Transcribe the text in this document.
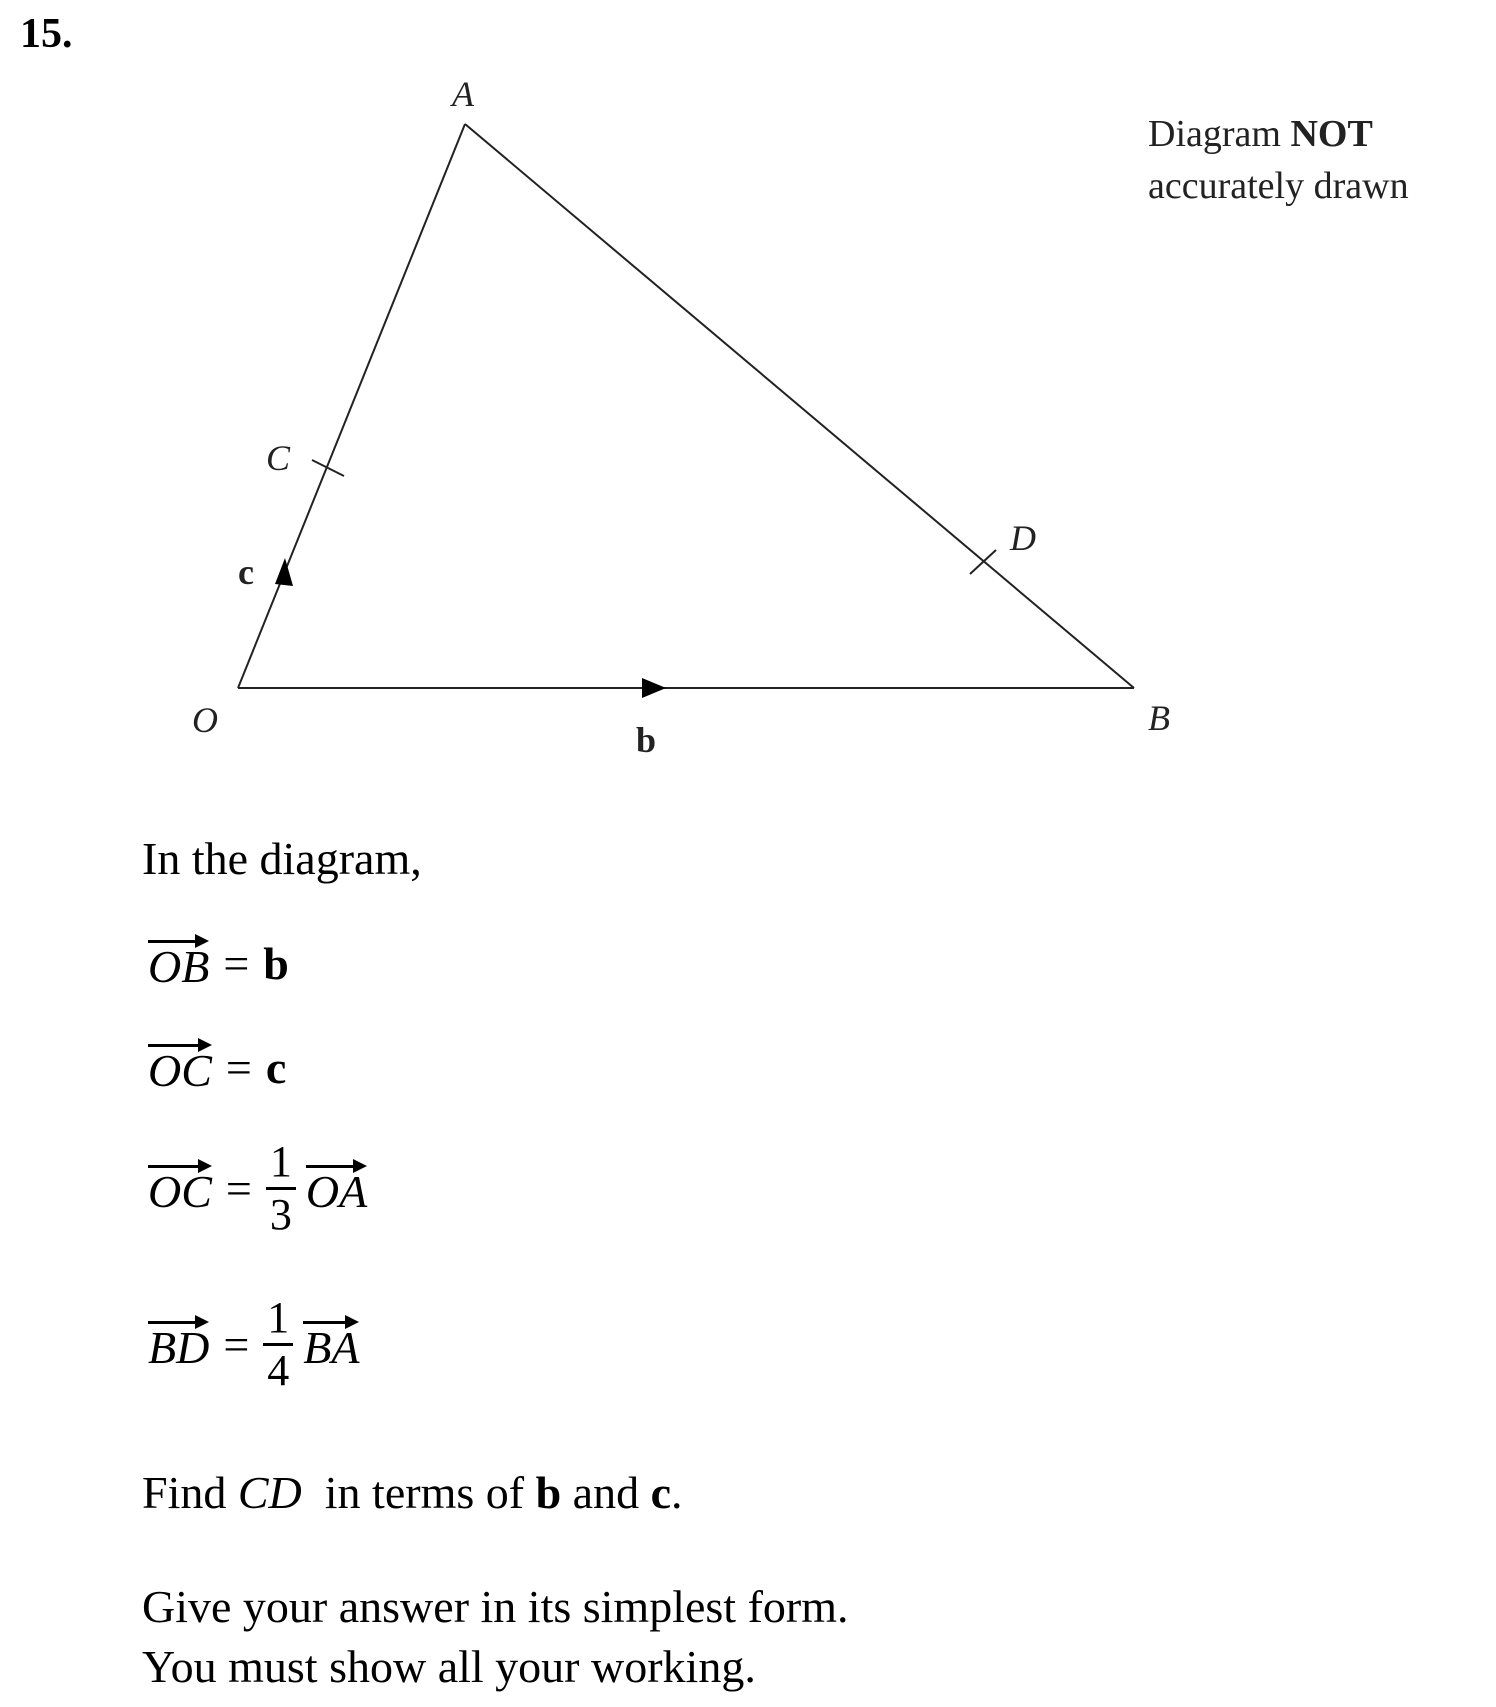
15.
Diagram NOT
accurately drawn
A
B
C
D
O
c
b
In the diagram,
OB = b
OC = c
OC = $\frac{1}{3}$ OA
BD = $\frac{1}{4}$ BA
Find CD  in terms of b and c.
Give your answer in its simplest form.
You must show all your working.
